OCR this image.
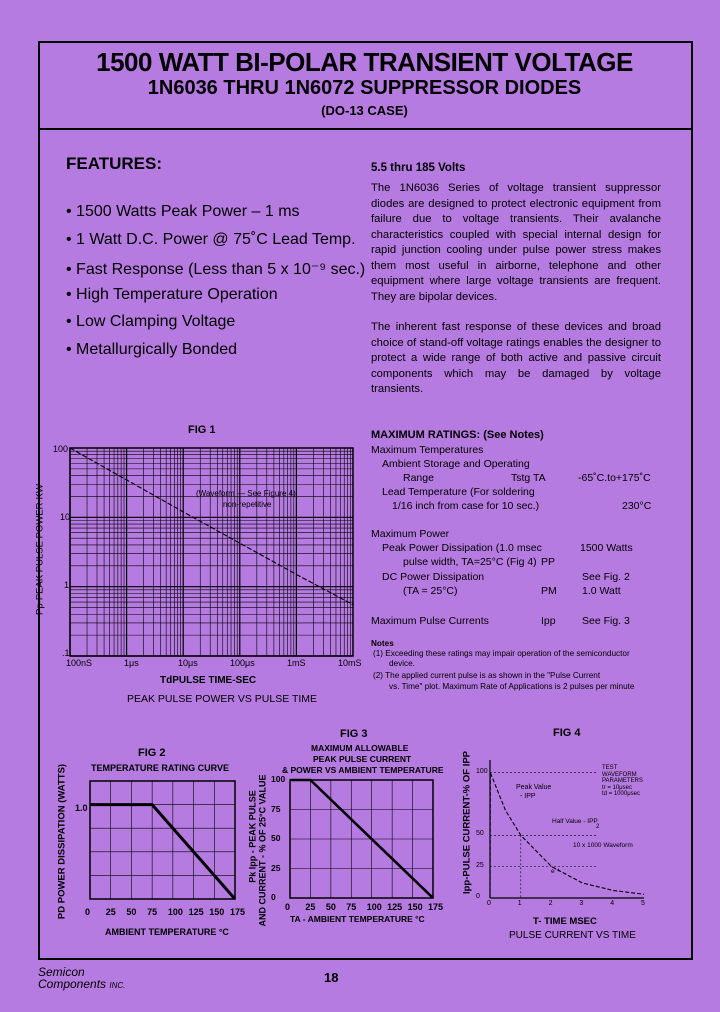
1500 WATT BI-POLAR TRANSIENT VOLTAGE
1N6036 THRU 1N6072 SUPPRESSOR DIODES
(DO-13 CASE)
FEATURES:
• 1500 Watts Peak Power – 1 ms
• 1 Watt D.C. Power @ 75˚C Lead Temp.
• Fast Response (Less than 5 x 10⁻⁹ sec.)
• High Temperature Operation
• Low Clamping Voltage
• Metallurgically Bonded
5.5 thru 185 Volts
The 1N6036 Series of voltage transient suppressor diodes are designed to protect electronic equipment from failure due to voltage transients. Their avalanche characteristics coupled with special internal design for rapid junction cooling under pulse power stress makes them most useful in airborne, telephone and other equipment where large voltage transients are frequent. They are bipolar devices.
The inherent fast response of these devices and broad choice of stand-off voltage ratings enables the designer to protect a wide range of both active and passive circuit components which may be damaged by voltage transients.
MAXIMUM RATINGS: (See Notes)
Maximum Temperatures
Ambient Storage and Operating
Range	Tstg TA	-65˚C.to+175˚C
Lead Temperature (For soldering
1/16 inch from case for 10 sec.)	230°C
Maximum Power
Peak Power Dissipation (1.0 msec	1500 Watts
pulse width, TA=25°C (Fig 4) PP
DC Power Dissipation	See Fig. 2
(TA = 25°C)	PM 1.0 Watt
Maximum Pulse Currents	Ipp	See Fig. 3
Notes
(1) Exceeding these ratings may impair operation of the semiconductor
device.
(2) The applied current pulse is as shown in the "Pulse Current
vs. Time" plot. Maximum Rate of Applications is 2 pulses per minute
FIG 1
Pp-PEAK PULSE POWER-KW
100
10
1
.1
100nS	1μs	10μs	100μs	1mS	10mS
(Waveform — See Figure 4)
non-repetitive
TdPULSE TIME-SEC
PEAK PULSE POWER VS PULSE TIME
FIG 2
TEMPERATURE RATING CURVE
PD POWER DISSIPATION (WATTS) 1.0
AMBIENT TEMPERATURE °C
FIG 3
MAXIMUM ALLOWABLE
PEAK PULSE CURRENT
& POWER VS AMBIENT TEMPERATURE
Pk Ipp - PEAK PULSE AND CURRENT - % OF 25°C VALUE	TA - AMBIENT TEMPERATURE °C
FIG 4
Ipp-PULSE CURRENT-% OF IPP	TEST
WAVEFORM
PARAMETERS
tr = 10μsec
td = 1000μsec
Peak Value
- IPP
Half Value - IPP
2
10 x 1000 Waveform
e⁻ᵗ
T- TIME MSEC
PULSE CURRENT VS TIME
Semicon
Components INC.
18
0 25 50 75 100 125 150 175	0 25 50 75 100 125 150 175
100
75
50
25
0
0	1	2	3	4	5
100
50
25
0
